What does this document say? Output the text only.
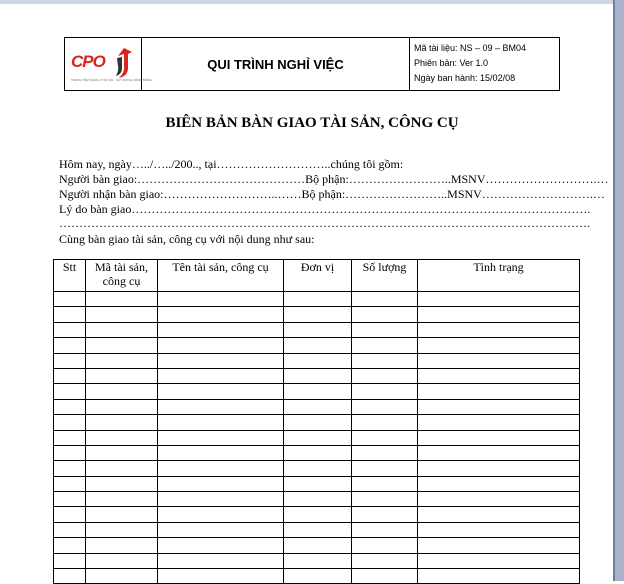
CPO
TRUNG TÂM QUẢN LÝ DỰ ÁN · XÂY DỰNG CÔNG TRÌNH
QUI TRÌNH NGHỈ VIỆC
Mã tài liệu: NS – 09 – BM04
Phiên bản: Ver 1.0
Ngày ban hành: 15/02/08
BIÊN BẢN BÀN GIAO TÀI SẢN, CÔNG CỤ
Hôm nay, ngày…../…../200.., tại………………………..chúng tôi gồm:
Người bàn giao:……………………………………Bộ phận:……………………..MSNV……………………….…
Người nhận bàn giao:………………………..……Bộ phận:……………………..MSNV……………………….…
Lý do bàn giao…………………………………………………………………………………………………….
…………………………………………………………………………………………………………………….
Cùng bàn giao tài sản, công cụ với nội dung như sau:
Stt	Mã tài sản, công cụ	Tên tài sản, công cụ	Đơn vị	Số lượng	Tình trạng
